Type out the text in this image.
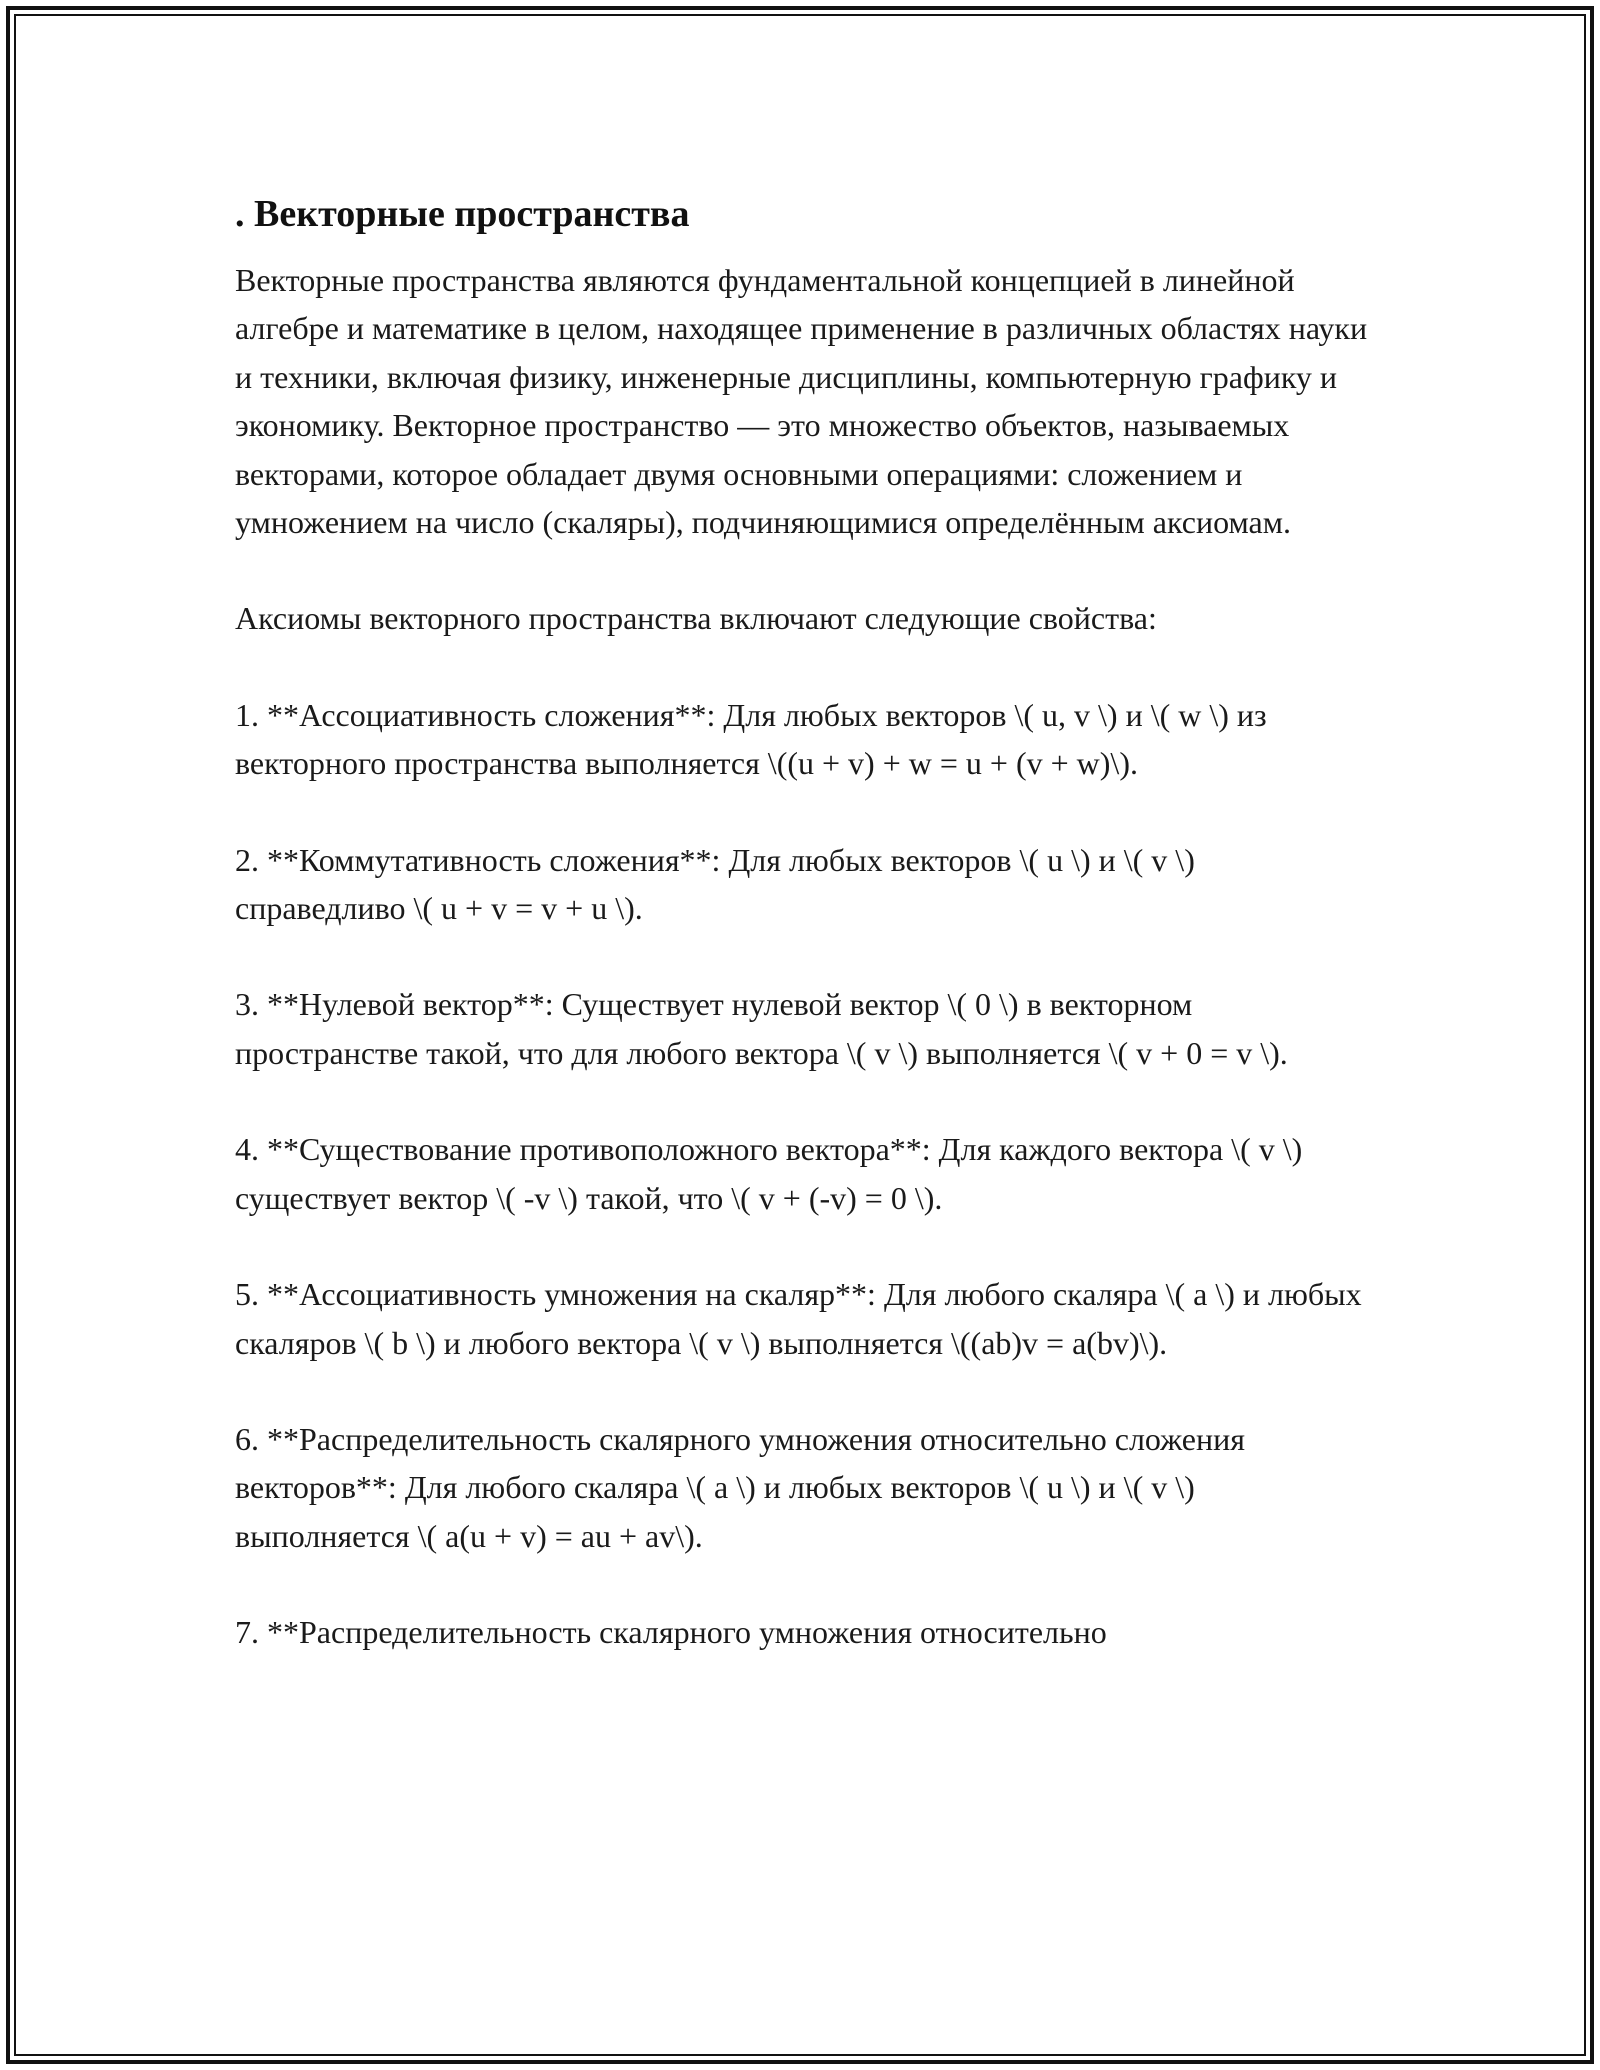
. Векторные пространства

Векторные пространства являются фундаментальной концепцией в линейной алгебре и математике в целом, находящее применение в различных областях науки и техники, включая физику, инженерные дисциплины, компьютерную графику и экономику. Векторное пространство — это множество объектов, называемых векторами, которое обладает двумя основными операциями: сложением и умножением на число (скаляры), подчиняющимися определённым аксиомам.

Аксиомы векторного пространства включают следующие свойства:

1. **Ассоциативность сложения**: Для любых векторов \( u, v \) и \( w \) из векторного пространства выполняется \((u + v) + w = u + (v + w)\).

2. **Коммутативность сложения**: Для любых векторов \( u \) и \( v \) справедливо \( u + v = v + u \).

3. **Нулевой вектор**: Существует нулевой вектор \( 0 \) в векторном пространстве такой, что для любого вектора \( v \) выполняется \( v + 0 = v \).

4. **Существование противоположного вектора**: Для каждого вектора \( v \) существует вектор \( -v \) такой, что \( v + (-v) = 0 \).

5. **Ассоциативность умножения на скаляр**: Для любого скаляра \( a \) и любых скаляров \( b \) и любого вектора \( v \) выполняется \((ab)v = a(bv)\).

6. **Распределительность скалярного умножения относительно сложения векторов**: Для любого скаляра \( a \) и любых векторов \( u \) и \( v \) выполняется \( a(u + v) = au + av\).

7. **Распределительность скалярного умножения относительно
